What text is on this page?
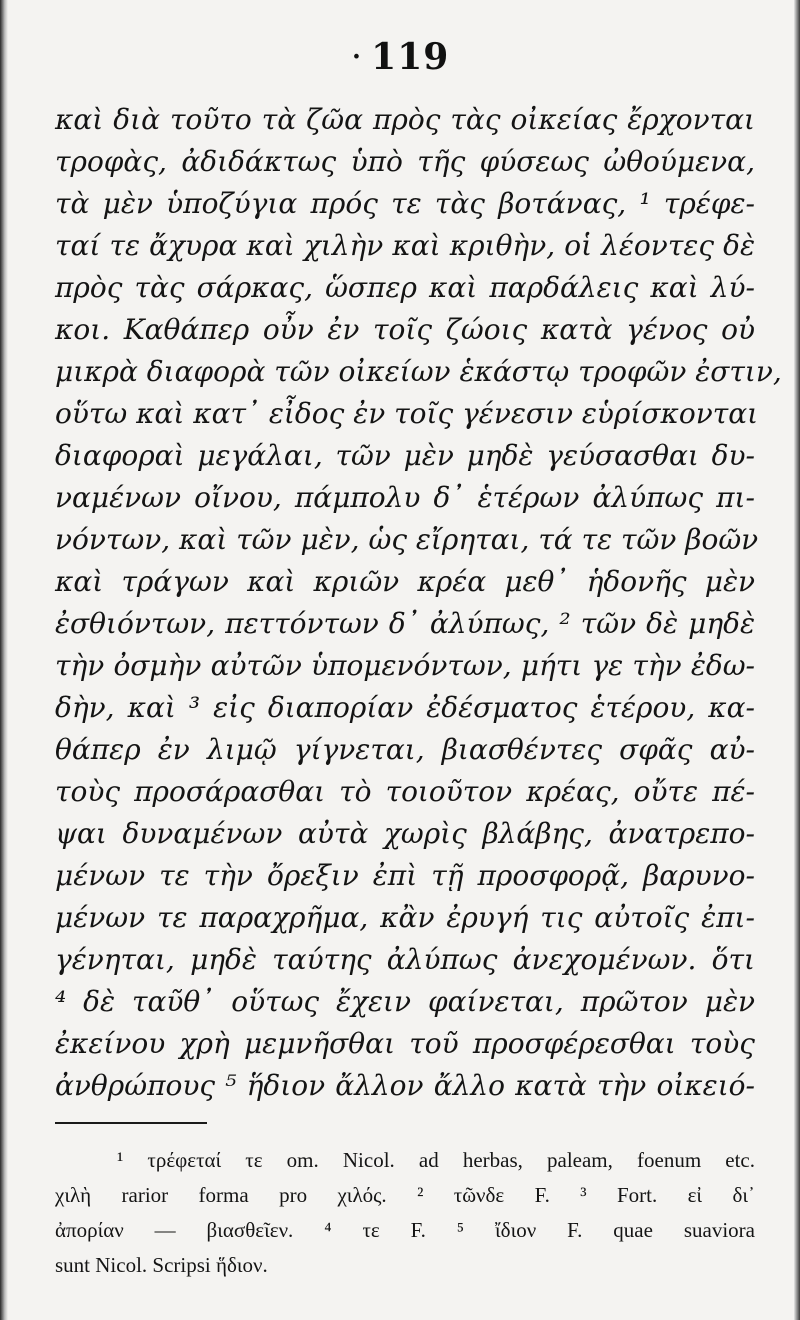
· 119
καὶ διὰ τοῦτο τὰ ζῶα πρὸς τὰς οἰκείας ἔρχονται
τροφὰς, ἀδιδάκτως ὑπὸ τῆς φύσεως ὠθούμενα,
τὰ μὲν ὑποζύγια πρός τε τὰς βοτάνας, ¹ τρέφε-
ταί τε ἄχυρα καὶ χιλὴν καὶ κριθὴν, οἱ λέοντες δὲ
πρὸς τὰς σάρκας, ὥσπερ καὶ παρδάλεις καὶ λύ-
κοι. Καθάπερ οὖν ἐν τοῖς ζώοις κατὰ γένος οὐ
μικρὰ διαφορὰ τῶν οἰκείων ἑκάστῳ τροφῶν ἐστιν,
οὕτω καὶ κατ᾽ εἶδος ἐν τοῖς γένεσιν εὑρίσκονται
διαφοραὶ μεγάλαι, τῶν μὲν μηδὲ γεύσασθαι δυ-
ναμένων οἴνου, πάμπολυ δ᾽ ἑτέρων ἀλύπως πι-
νόντων, καὶ τῶν μὲν, ὡς εἴρηται, τά τε τῶν βοῶν
καὶ τράγων καὶ κριῶν κρέα μεθ᾽ ἡδονῆς μὲν
ἐσθιόντων, πεττόντων δ᾽ ἀλύπως, ² τῶν δὲ μηδὲ
τὴν ὀσμὴν αὐτῶν ὑπομενόντων, μήτι γε τὴν ἐδω-
δὴν, καὶ ³ εἰς διαπορίαν ἐδέσματος ἑτέρου, κα-
θάπερ ἐν λιμῷ γίγνεται, βιασθέντες σφᾶς αὐ-
τοὺς προσάρασθαι τὸ τοιοῦτον κρέας, οὔτε πέ-
ψαι δυναμένων αὐτὰ χωρὶς βλάβης, ἀνατρεπο-
μένων τε τὴν ὄρεξιν ἐπὶ τῇ προσφορᾷ, βαρυνο-
μένων τε παραχρῆμα, κἂν ἐρυγή τις αὐτοῖς ἐπι-
γένηται, μηδὲ ταύτης ἀλύπως ἀνεχομένων. ὅτι
⁴ δὲ ταῦθ᾽ οὕτως ἔχειν φαίνεται, πρῶτον μὲν
ἐκείνου χρὴ μεμνῆσθαι τοῦ προσφέρεσθαι τοὺς
ἀνθρώπους ⁵ ἥδιον ἄλλον ἄλλο κατὰ τὴν οἰκειό-
¹ τρέφεταί τε om. Nicol. ad herbas, paleam, foenum etc.
χιλὴ rarior forma pro χιλός. ² τῶνδε F. ³ Fort. εἰ δι᾽
ἀπορίαν — βιασθεῖεν. ⁴ τε F. ⁵ ἴδιον F. quae suaviora
sunt Nicol. Scripsi ἥδιον.
